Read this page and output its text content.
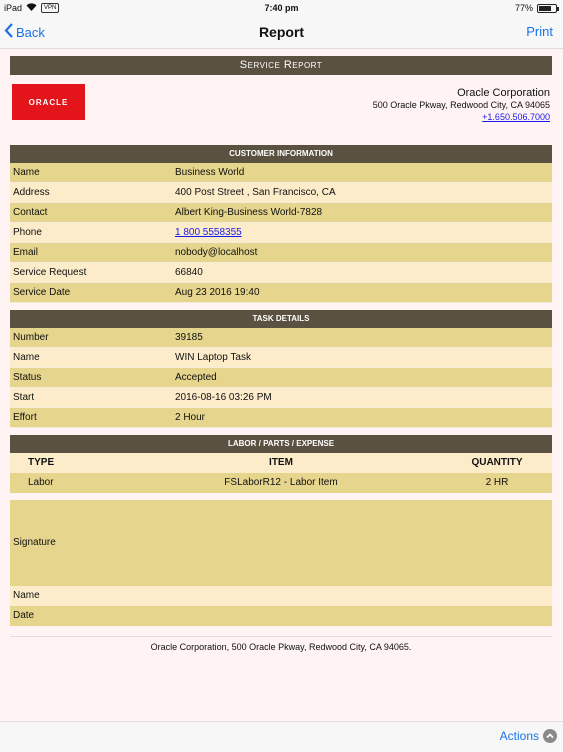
iPad	VPN	7:40 pm	77%
Back	Report	Print
Service Report
ORACLE
Oracle Corporation
500 Oracle Pkway, Redwood City, CA 94065
+1.650.506.7000
CUSTOMER INFORMATION
Name	Business World
Address	400 Post Street , San Francisco, CA
Contact	Albert King-Business World-7828
Phone	1 800 5558355
Email	nobody@localhost
Service Request	66840
Service Date	Aug 23 2016 19:40
TASK DETAILS
Number	39185
Name	WIN Laptop Task
Status	Accepted
Start	2016-08-16 03:26 PM
Effort	2 Hour
LABOR / PARTS / EXPENSE
TYPE	ITEM	QUANTITY
Labor	FSLaborR12 - Labor Item	2 HR
Signature
Name
Date
Oracle Corporation, 500 Oracle Pkway, Redwood City, CA 94065.
Actions
